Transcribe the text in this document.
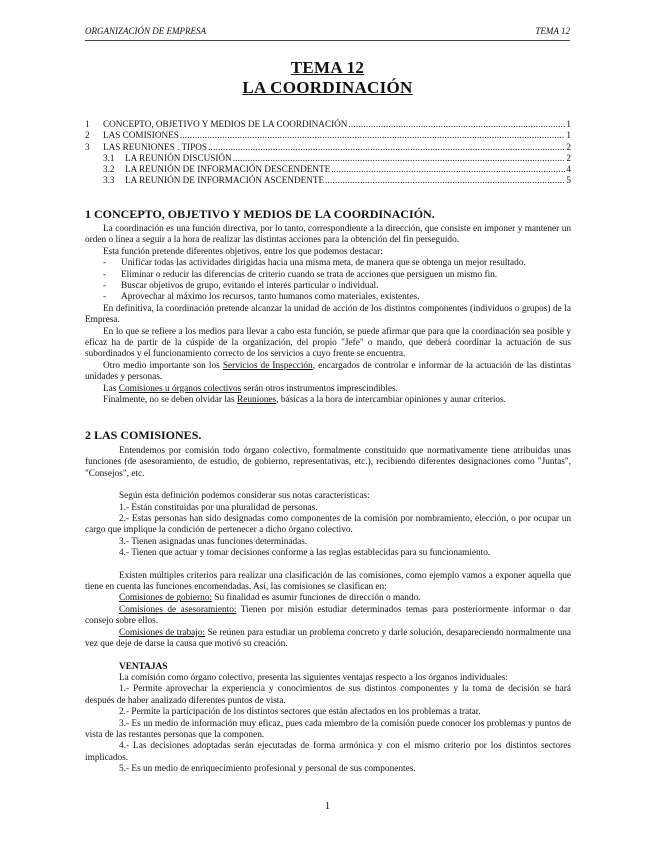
ORGANIZACIÓN DE EMPRESA	TEMA 12
TEMA 12
LA COORDINACIÓN
1	CONCEPTO, OBJETIVO Y MEDIOS DE LA COORDINACIÓN .....	1
2	LAS COMISIONES .....	1
3	LAS REUNIONES . TIPOS .....	2
3.1	LA REUNIÓN DISCUSIÓN .....	2
3.2	LA REUNIÓN DE INFORMACIÓN DESCENDENTE .....	4
3.3	LA REUNIÓN DE INFORMACIÓN ASCENDENTE .....	5
1 CONCEPTO, OBJETIVO Y MEDIOS DE LA COORDINACIÓN.

La coordinación es una función directiva, por lo tanto, correspondiente a la dirección, que consiste en imponer y mantener un orden o línea a seguir a la hora de realizar las distintas acciones para la obtención del fin perseguido.

Esta función pretende diferentes objetivos, entre los que podemos destacar:

-	Unificar todas las actividades dirigidas hacia una misma meta, de manera que se obtenga un mejor resultado.
-	Eliminar o reducir las diferencias de criterio cuando se trata de acciones que persiguen un mismo fin.
-	Buscar objetivos de grupo, evitando el interés particular o individual.
-	Aprovechar al máximo los recursos, tanto humanos como materiales, existentes.

En definitiva, la coordinación pretende alcanzar la unidad de acción de los distintos componentes (individuos o grupos) de la Empresa.

En lo que se refiere a los medios para llevar a cabo esta función, se puede afirmar que para que la coordinación sea posible y eficaz ha de partir de la cúspide de la organización, del propio "Jefe" o mando, que deberá coordinar la actuación de sus subordinados y el funcionamiento correcto de los servicios a cuyo frente se encuentra.

Otro medio importante son los Servicios de Inspección, encargados de controlar e informar de la actuación de las distintas unidades y personas.

Las Comisiones u órganos colectivos serán otros instrumentos imprescindibles.

Finalmente, no se deben olvidar las Reuniones, básicas a la hora de intercambiar opiniones y aunar criterios.

2 LAS COMISIONES.

Entendemos por comisión todo órgano colectivo, formalmente constituido que normativamente tiene atribuidas unas funciones (de asesoramiento, de estudio, de gobierno, representativas, etc.), recibiendo diferentes designaciones como "Juntas", "Consejos", etc.

Según esta definición podemos considerar sus notas características:

1.- Están constituidas por una pluralidad de personas.

2.- Estas personas han sido designadas como componentes de la comisión por nombramiento, elección, o por ocupar un cargo que implique la condición de pertenecer a dicho órgano colectivo.

3.- Tienen asignadas unas funciones determinadas.

4.- Tienen que actuar y tomar decisiones conforme a las reglas establecidas para su funcionamiento.

Existen múltiples criterios para realizar una clasificación de las comisiones, como ejemplo vamos a exponer aquella que tiene en cuenta las funciones encomendadas. Así, las comisiones se clasifican en:

Comisiones de gobierno: Su finalidad es asumir funciones de dirección o mando.

Comisiones de asesoramiento: Tienen por misión estudiar determinados temas para posteriormente informar o dar consejo sobre ellos.

Comisiones de trabajo: Se reúnen para estudiar un problema concreto y darle solución, desapareciendo normalmente una vez que deje de darse la causa que motivó su creación.

VENTAJAS

La comisión como órgano colectivo, presenta las siguientes ventajas respecto a los órganos individuales:

1.- Permite aprovechar la experiencia y conocimientos de sus distintos componentes y la toma de decisión se hará después de haber analizado diferentes puntos de vista.

2.- Permite la participación de los distintos sectores que están afectados en los problemas a tratar.

3.- Es un medio de información muy eficaz, pues cada miembro de la comisión puede conocer los problemas y puntos de vista de las restantes personas que la componen.

4.- Las decisiones adoptadas serán ejecutadas de forma armónica y con el mismo criterio por los distintos sectores implicados.

5.- Es un medio de enriquecimiento profesional y personal de sus componentes.

1
